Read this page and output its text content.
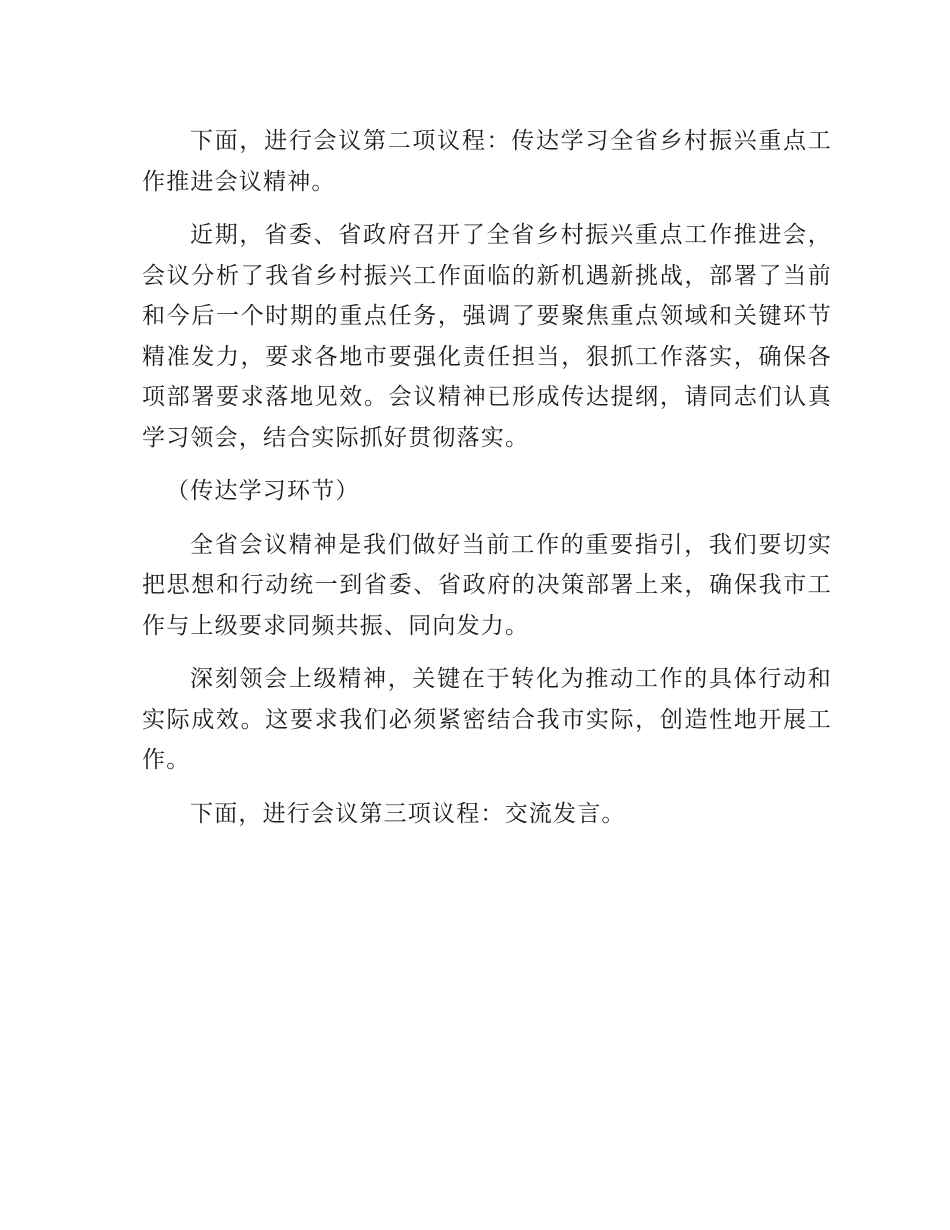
下面，进行会议第二项议程：传达学习全省乡村振兴重点工作推进会议精神。

近期，省委、省政府召开了全省乡村振兴重点工作推进会，会议分析了我省乡村振兴工作面临的新机遇新挑战，部署了当前和今后一个时期的重点任务，强调了要聚焦重点领域和关键环节精准发力，要求各地市要强化责任担当，狠抓工作落实，确保各项部署要求落地见效。会议精神已形成传达提纲，请同志们认真学习领会，结合实际抓好贯彻落实。

（传达学习环节）

全省会议精神是我们做好当前工作的重要指引，我们要切实把思想和行动统一到省委、省政府的决策部署上来，确保我市工作与上级要求同频共振、同向发力。

深刻领会上级精神，关键在于转化为推动工作的具体行动和实际成效。这要求我们必须紧密结合我市实际，创造性地开展工作。

下面，进行会议第三项议程：交流发言。
